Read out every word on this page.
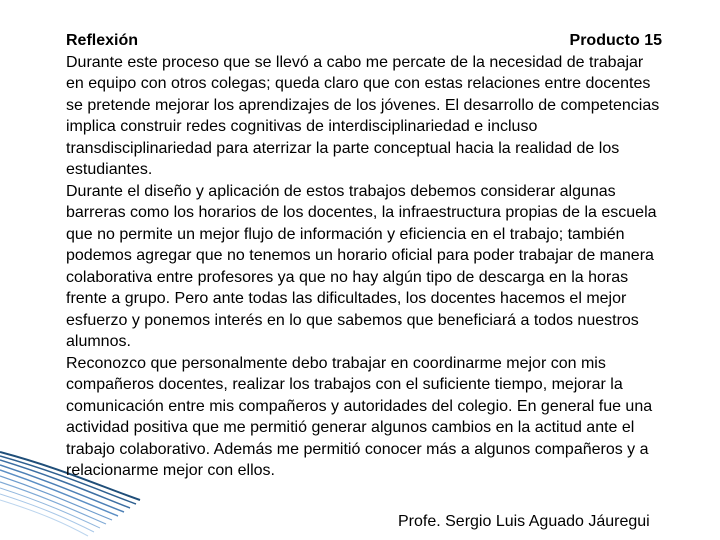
Reflexión	Producto 15

Durante este proceso que se llevó a cabo me percate de la necesidad de trabajar en equipo con otros colegas; queda claro que con estas relaciones entre docentes se pretende mejorar los aprendizajes de los jóvenes. El desarrollo de competencias implica construir redes cognitivas de interdisciplinariedad e incluso transdisciplinariedad para aterrizar la parte conceptual hacia la realidad de los estudiantes.

Durante el diseño y aplicación de estos trabajos debemos considerar algunas barreras como los horarios de los docentes, la infraestructura propias de la escuela que no permite un mejor flujo de información y eficiencia en el trabajo; también podemos agregar que no tenemos un horario oficial para poder trabajar de manera colaborativa entre profesores ya que no hay algún tipo de descarga en la horas frente a grupo. Pero ante todas las dificultades, los docentes hacemos el mejor esfuerzo y ponemos interés en lo que sabemos que beneficiará a todos nuestros alumnos.

Reconozco que personalmente debo trabajar en coordinarme mejor con mis compañeros docentes, realizar los trabajos con el suficiente tiempo, mejorar la comunicación entre mis compañeros y autoridades del colegio. En general fue una actividad positiva que me permitió generar algunos cambios en la actitud ante el trabajo colaborativo. Además me permitió conocer más a algunos compañeros y a relacionarme mejor con ellos.

Profe. Sergio Luis Aguado Jáuregui
